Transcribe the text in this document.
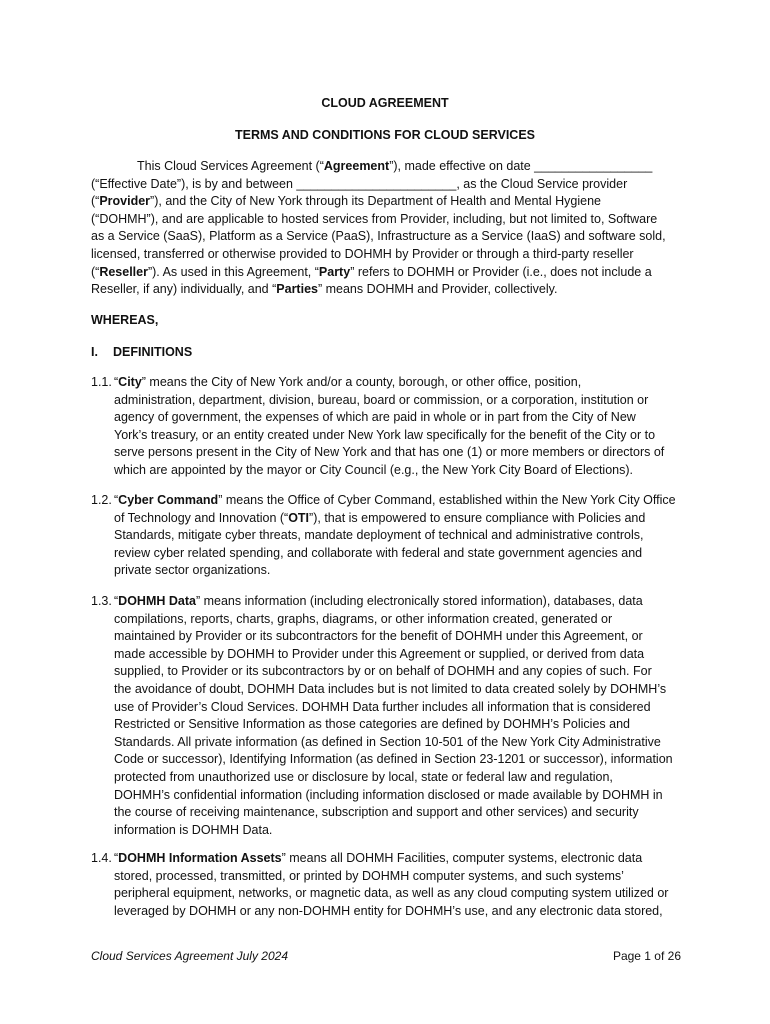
CLOUD AGREEMENT
TERMS AND CONDITIONS FOR CLOUD SERVICES
This Cloud Services Agreement (“Agreement”), made effective on date _________________
(“Effective Date”), is by and between _______________________, as the Cloud Service provider
(“Provider”), and the City of New York through its Department of Health and Mental Hygiene
(“DOHMH”), and are applicable to hosted services from Provider, including, but not limited to, Software
as a Service (SaaS), Platform as a Service (PaaS), Infrastructure as a Service (IaaS) and software sold,
licensed, transferred or otherwise provided to DOHMH by Provider or through a third-party reseller
(“Reseller”). As used in this Agreement, “Party” refers to DOHMH or Provider (i.e., does not include a
Reseller, if any) individually, and “Parties” means DOHMH and Provider, collectively.
WHEREAS,
I. DEFINITIONS
1.1. “City” means the City of New York and/or a county, borough, or other office, position,
administration, department, division, bureau, board or commission, or a corporation, institution or
agency of government, the expenses of which are paid in whole or in part from the City of New
York’s treasury, or an entity created under New York law specifically for the benefit of the City or to
serve persons present in the City of New York and that has one (1) or more members or directors of
which are appointed by the mayor or City Council (e.g., the New York City Board of Elections).
1.2. “Cyber Command” means the Office of Cyber Command, established within the New York City Office
of Technology and Innovation (“OTI”), that is empowered to ensure compliance with Policies and
Standards, mitigate cyber threats, mandate deployment of technical and administrative controls,
review cyber related spending, and collaborate with federal and state government agencies and
private sector organizations.
1.3. “DOHMH Data” means information (including electronically stored information), databases, data
compilations, reports, charts, graphs, diagrams, or other information created, generated or
maintained by Provider or its subcontractors for the benefit of DOHMH under this Agreement, or
made accessible by DOHMH to Provider under this Agreement or supplied, or derived from data
supplied, to Provider or its subcontractors by or on behalf of DOHMH and any copies of such. For
the avoidance of doubt, DOHMH Data includes but is not limited to data created solely by DOHMH’s
use of Provider’s Cloud Services. DOHMH Data further includes all information that is considered
Restricted or Sensitive Information as those categories are defined by DOHMH’s Policies and
Standards. All private information (as defined in Section 10-501 of the New York City Administrative
Code or successor), Identifying Information (as defined in Section 23-1201 or successor), information
protected from unauthorized use or disclosure by local, state or federal law and regulation,
DOHMH’s confidential information (including information disclosed or made available by DOHMH in
the course of receiving maintenance, subscription and support and other services) and security
information is DOHMH Data.
1.4. “DOHMH Information Assets” means all DOHMH Facilities, computer systems, electronic data
stored, processed, transmitted, or printed by DOHMH computer systems, and such systems’
peripheral equipment, networks, or magnetic data, as well as any cloud computing system utilized or
leveraged by DOHMH or any non-DOHMH entity for DOHMH’s use, and any electronic data stored,
Cloud Services Agreement July 2024	Page 1 of 26
